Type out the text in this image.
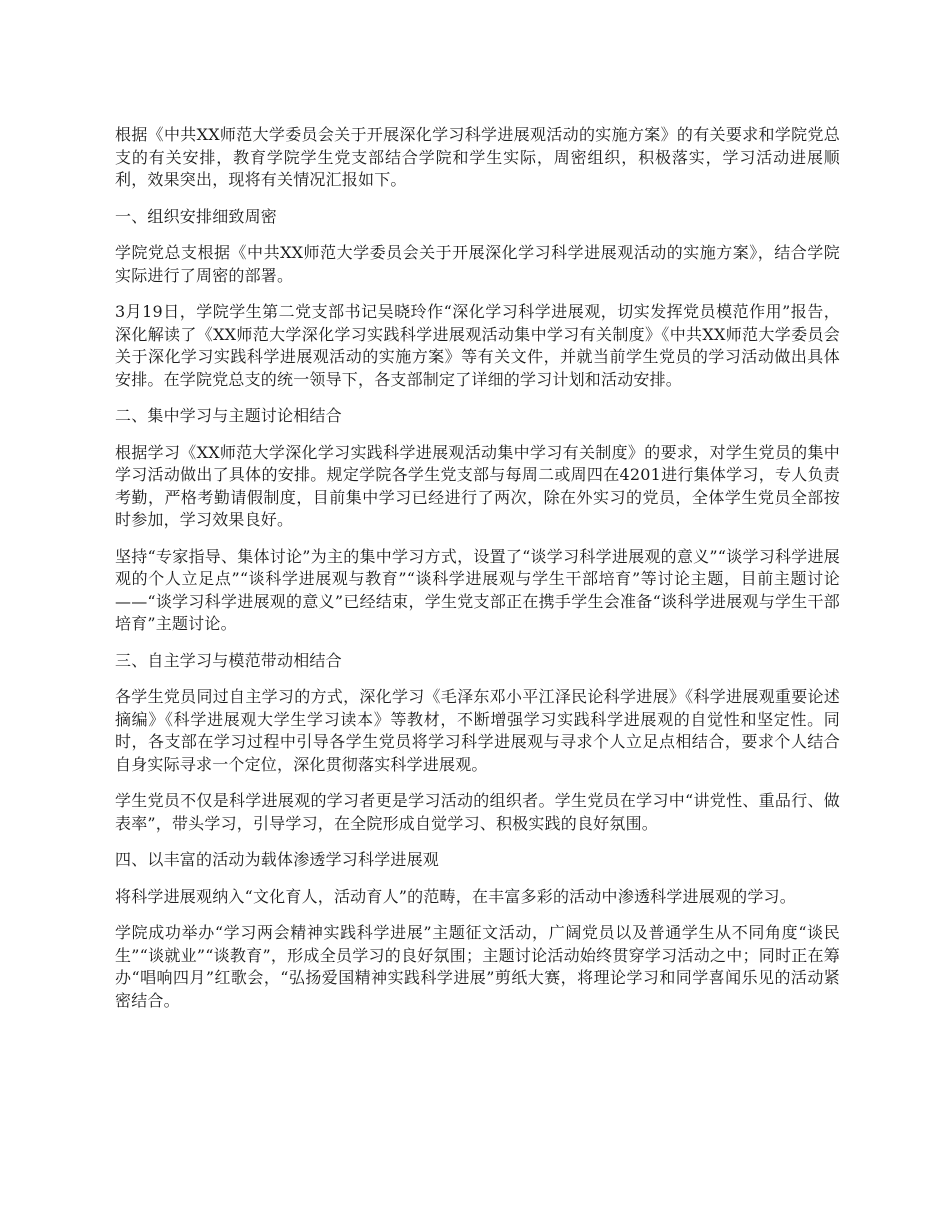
根据《中共XX师范大学委员会关于开展深化学习科学进展观活动的实施方案》的有关要求和学院党总支的有关安排，教育学院学生党支部结合学院和学生实际，周密组织，积极落实，学习活动进展顺利，效果突出，现将有关情况汇报如下。

一、组织安排细致周密

学院党总支根据《中共XX师范大学委员会关于开展深化学习科学进展观活动的实施方案》，结合学院实际进行了周密的部署。

3月19日，学院学生第二党支部书记吴晓玲作“深化学习科学进展观，切实发挥党员模范作用”报告，深化解读了《XX师范大学深化学习实践科学进展观活动集中学习有关制度》《中共XX师范大学委员会关于深化学习实践科学进展观活动的实施方案》等有关文件，并就当前学生党员的学习活动做出具体安排。在学院党总支的统一领导下，各支部制定了详细的学习计划和活动安排。

二、集中学习与主题讨论相结合

根据学习《XX师范大学深化学习实践科学进展观活动集中学习有关制度》的要求，对学生党员的集中学习活动做出了具体的安排。规定学院各学生党支部与每周二或周四在4201进行集体学习，专人负责考勤，严格考勤请假制度，目前集中学习已经进行了两次，除在外实习的党员，全体学生党员全部按时参加，学习效果良好。

坚持“专家指导、集体讨论”为主的集中学习方式，设置了“谈学习科学进展观的意义”“谈学习科学进展观的个人立足点”“谈科学进展观与教育”“谈科学进展观与学生干部培育”等讨论主题，目前主题讨论——“谈学习科学进展观的意义”已经结束，学生党支部正在携手学生会准备“谈科学进展观与学生干部培育”主题讨论。

三、自主学习与模范带动相结合

各学生党员同过自主学习的方式，深化学习《毛泽东邓小平江泽民论科学进展》《科学进展观重要论述摘编》《科学进展观大学生学习读本》等教材，不断增强学习实践科学进展观的自觉性和坚定性。同时，各支部在学习过程中引导各学生党员将学习科学进展观与寻求个人立足点相结合，要求个人结合自身实际寻求一个定位，深化贯彻落实科学进展观。

学生党员不仅是科学进展观的学习者更是学习活动的组织者。学生党员在学习中“讲党性、重品行、做表率”，带头学习，引导学习，在全院形成自觉学习、积极实践的良好氛围。

四、以丰富的活动为载体渗透学习科学进展观

将科学进展观纳入“文化育人，活动育人”的范畴，在丰富多彩的活动中渗透科学进展观的学习。

学院成功举办“学习两会精神实践科学进展”主题征文活动，广阔党员以及普通学生从不同角度“谈民生”“谈就业”“谈教育”，形成全员学习的良好氛围；主题讨论活动始终贯穿学习活动之中；同时正在筹办“唱响四月”红歌会，“弘扬爱国精神实践科学进展”剪纸大赛，将理论学习和同学喜闻乐见的活动紧密结合。
